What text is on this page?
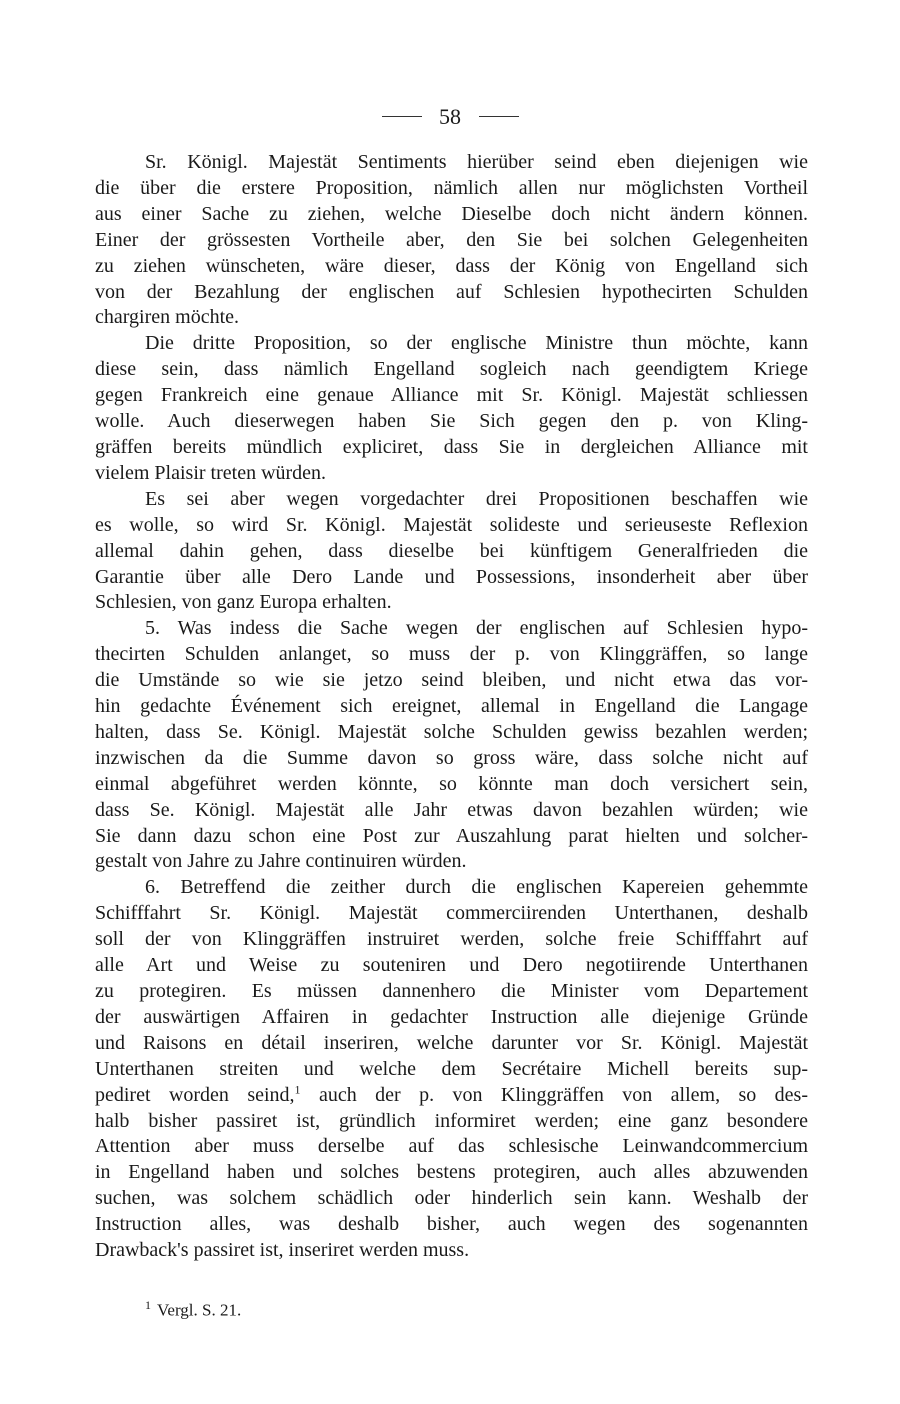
58
Sr. Königl. Majestät Sentiments hierüber seind eben diejenigen wie
die über die erstere Proposition, nämlich allen nur möglichsten Vortheil
aus einer Sache zu ziehen, welche Dieselbe doch nicht ändern können.
Einer der grössesten Vortheile aber, den Sie bei solchen Gelegenheiten
zu ziehen wünscheten, wäre dieser, dass der König von Engelland sich
von der Bezahlung der englischen auf Schlesien hypothecirten Schulden
chargiren möchte.
Die dritte Proposition, so der englische Ministre thun möchte, kann
diese sein, dass nämlich Engelland sogleich nach geendigtem Kriege
gegen Frankreich eine genaue Alliance mit Sr. Königl. Majestät schliessen
wolle. Auch dieserwegen haben Sie Sich gegen den p. von Kling-
gräffen bereits mündlich expliciret, dass Sie in dergleichen Alliance mit
vielem Plaisir treten würden.
Es sei aber wegen vorgedachter drei Propositionen beschaffen wie
es wolle, so wird Sr. Königl. Majestät solideste und serieuseste Reflexion
allemal dahin gehen, dass dieselbe bei künftigem Generalfrieden die
Garantie über alle Dero Lande und Possessions, insonderheit aber über
Schlesien, von ganz Europa erhalten.
5. Was indess die Sache wegen der englischen auf Schlesien hypo-
thecirten Schulden anlanget, so muss der p. von Klinggräffen, so lange
die Umstände so wie sie jetzo seind bleiben, und nicht etwa das vor-
hin gedachte Événement sich ereignet, allemal in Engelland die Langage
halten, dass Se. Königl. Majestät solche Schulden gewiss bezahlen werden;
inzwischen da die Summe davon so gross wäre, dass solche nicht auf
einmal abgeführet werden könnte, so könnte man doch versichert sein,
dass Se. Königl. Majestät alle Jahr etwas davon bezahlen würden; wie
Sie dann dazu schon eine Post zur Auszahlung parat hielten und solcher-
gestalt von Jahre zu Jahre continuiren würden.
6. Betreffend die zeither durch die englischen Kapereien gehemmte
Schifffahrt Sr. Königl. Majestät commerciirenden Unterthanen, deshalb
soll der von Klinggräffen instruiret werden, solche freie Schifffahrt auf
alle Art und Weise zu souteniren und Dero negotiirende Unterthanen
zu protegiren. Es müssen dannenhero die Minister vom Departement
der auswärtigen Affairen in gedachter Instruction alle diejenige Gründe
und Raisons en détail inseriren, welche darunter vor Sr. Königl. Majestät
Unterthanen streiten und welche dem Secrétaire Michell bereits sup-
pediret worden seind,$^1$ auch der p. von Klinggräffen von allem, so des-
halb bisher passiret ist, gründlich informiret werden; eine ganz besondere
Attention aber muss derselbe auf das schlesische Leinwandcommercium
in Engelland haben und solches bestens protegiren, auch alles abzuwenden
suchen, was solchem schädlich oder hinderlich sein kann. Weshalb der
Instruction alles, was deshalb bisher, auch wegen des sogenannten
Drawback's passiret ist, inseriret werden muss.
$^1$ Vergl. S. 21.
